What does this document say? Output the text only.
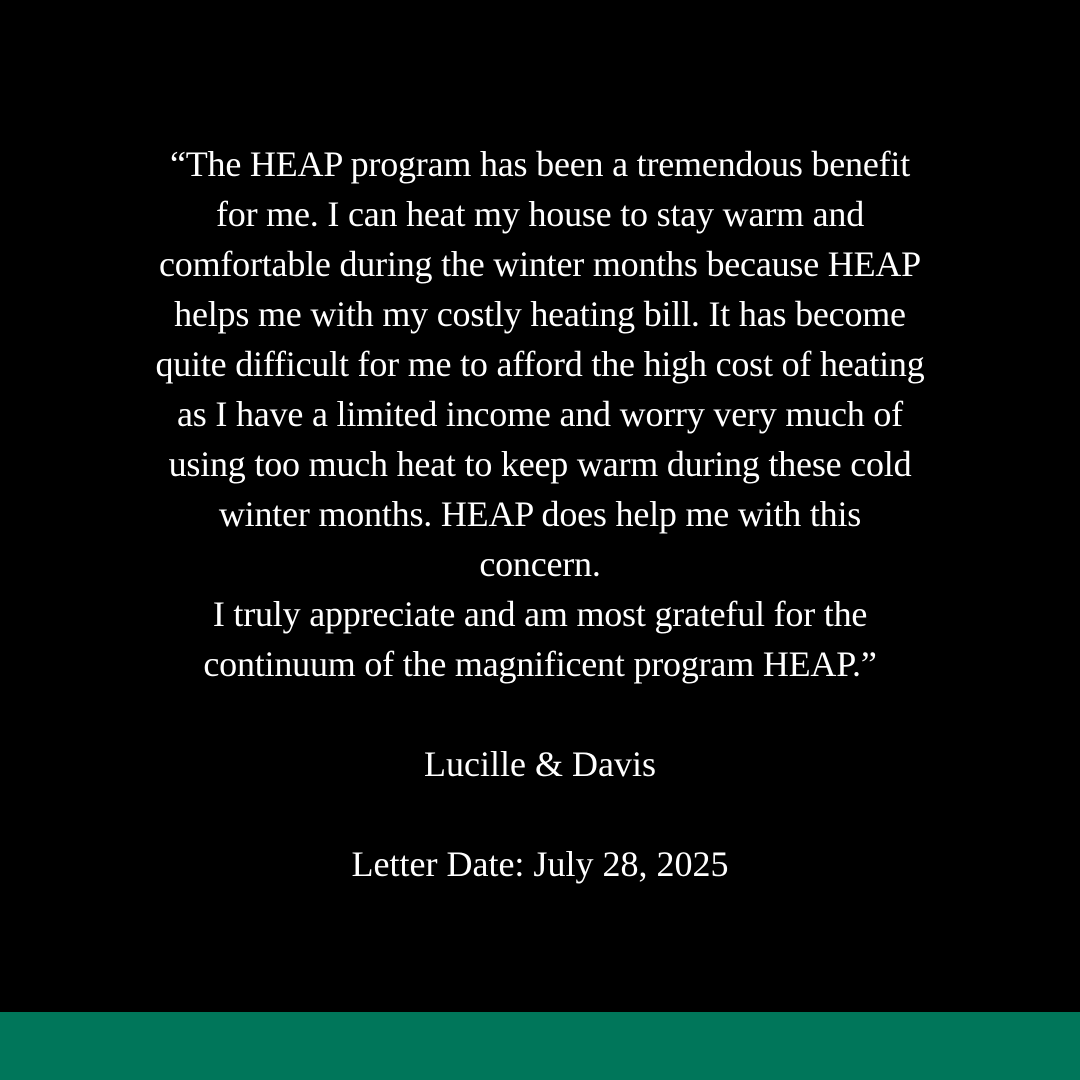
“The HEAP program has been a tremendous benefit
for me. I can heat my house to stay warm and
comfortable during the winter months because HEAP
helps me with my costly heating bill. It has become
quite difficult for me to afford the high cost of heating
as I have a limited income and worry very much of
using too much heat to keep warm during these cold
winter months. HEAP does help me with this
concern.
I truly appreciate and am most grateful for the
continuum of the magnificent program HEAP.”
Lucille & Davis
Letter Date: July 28, 2025
